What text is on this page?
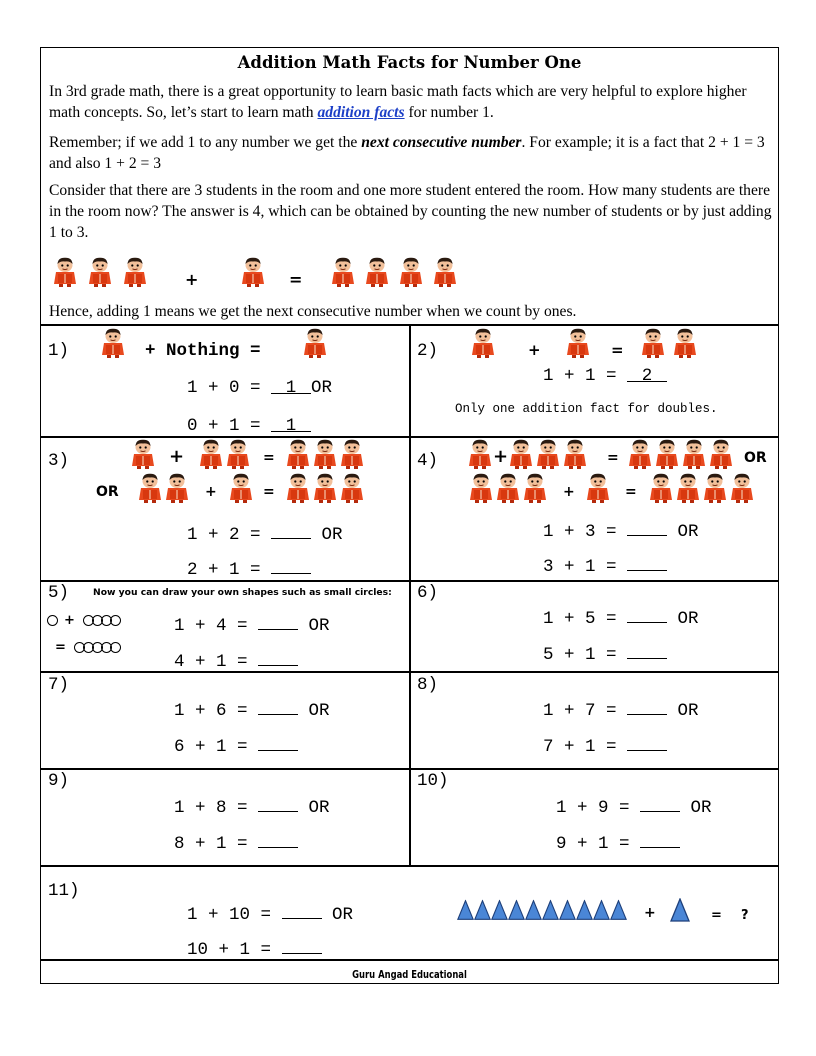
Addition Math Facts for Number One
In 3rd grade math, there is a great opportunity to learn basic math facts which are very helpful to explore higher math concepts. So, let’s start to learn math addition facts for number 1.
Remember; if we add 1 to any number we get the next consecutive number. For example; it is a fact that 2 + 1 = 3 and also 1 + 2 = 3
Consider that there are 3 students in the room and one more student entered the room. How many students are there in the room now? The answer is 4, which can be obtained by counting the new number of students or by just adding 1 to 3.
+	=
Hence, adding 1 means we get the next consecutive number when we count by ones.
1)	+ Nothing =
1 + 0 = 1 OR
0 + 1 = 1
2)	+	=
1 + 1 = 2
Only one addition fact for doubles.
3)	+	=
OR	+	=
1 + 2 =	OR
2 + 1 =
4)	+	=	OR
+	=
1 + 3 =	OR
3 + 1 =
5)	Now you can draw your own shapes such as small circles:
+
=
1 + 4 =	OR
4 + 1 =
6)
1 + 5 =	OR
5 + 1 =
7)
1 + 6 =	OR
6 + 1 =
8)
1 + 7 =	OR
7 + 1 =
9)
1 + 8 =	OR
8 + 1 =
10)
1 + 9 =	OR
9 + 1 =
11)
1 + 10 =	OR
10 + 1 =
+	= ?
Guru Angad Educational
